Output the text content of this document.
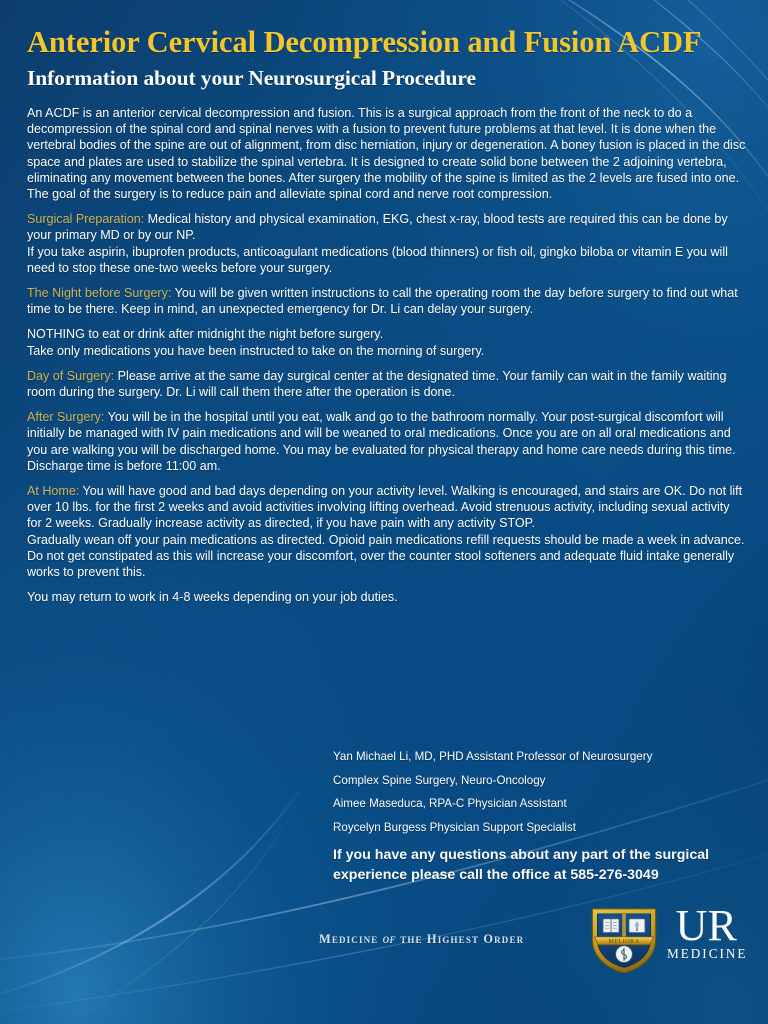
Anterior Cervical Decompression and Fusion ACDF
Information about your Neurosurgical Procedure

An ACDF is an anterior cervical decompression and fusion. This is a surgical approach from the front of the neck to do a decompression of the spinal cord and spinal nerves with a fusion to prevent future problems at that level. It is done when the vertebral bodies of the spine are out of alignment, from disc herniation, injury or degeneration. A boney fusion is placed in the disc space and plates are used to stabilize the spinal vertebra. It is designed to create solid bone between the 2 adjoining vertebra, eliminating any movement between the bones. After surgery the mobility of the spine is limited as the 2 levels are fused into one. The goal of the surgery is to reduce pain and alleviate spinal cord and nerve root compression.

Surgical Preparation: Medical history and physical examination, EKG, chest x-ray, blood tests are required this can be done by your primary MD or by our NP.

If you take aspirin, ibuprofen products, anticoagulant medications (blood thinners) or fish oil, gingko biloba or vitamin E you will need to stop these one-two weeks before your surgery.

The Night before Surgery: You will be given written instructions to call the operating room the day before surgery to find out what time to be there. Keep in mind, an unexpected emergency for Dr. Li can delay your surgery.

NOTHING to eat or drink after midnight the night before surgery.

Take only medications you have been instructed to take on the morning of surgery.

Day of Surgery: Please arrive at the same day surgical center at the designated time. Your family can wait in the family waiting room during the surgery. Dr. Li will call them there after the operation is done.

After Surgery: You will be in the hospital until you eat, walk and go to the bathroom normally. Your post-surgical discomfort will initially be managed with IV pain medications and will be weaned to oral medications. Once you are on all oral medications and you are walking you will be discharged home. You may be evaluated for physical therapy and home care needs during this time. Discharge time is before 11:00 am.

At Home: You will have good and bad days depending on your activity level. Walking is encouraged, and stairs are OK. Do not lift over 10 lbs. for the first 2 weeks and avoid activities involving lifting overhead. Avoid strenuous activity, including sexual activity for 2 weeks. Gradually increase activity as directed, if you have pain with any activity STOP.

Gradually wean off your pain medications as directed. Opioid pain medications refill requests should be made a week in advance. Do not get constipated as this will increase your discomfort, over the counter stool softeners and adequate fluid intake generally works to prevent this.

You may return to work in 4-8 weeks depending on your job duties.

Yan Michael Li, MD, PHD Assistant Professor of Neurosurgery
Complex Spine Surgery, Neuro-Oncology
Aimee Maseduca, RPA-C Physician Assistant
Roycelyn Burgess Physician Support Specialist
If you have any questions about any part of the surgical experience please call the office at 585-276-3049
Medicine of the Highest Order	MELIORA UR
MEDICINE
